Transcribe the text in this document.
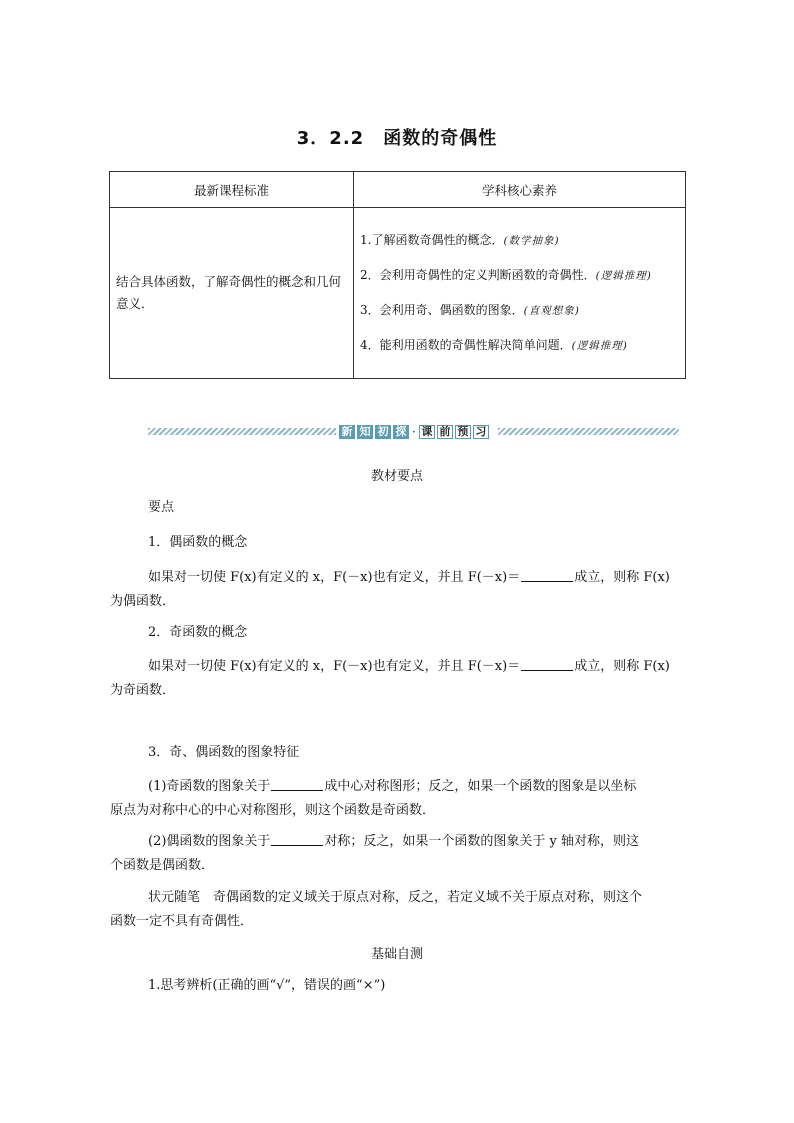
3．2.2　函数的奇偶性
最新课程标准	学科核心素养
结合具体函数，了解奇偶性的概念和几何意义．	1.了解函数奇偶性的概念．(数学抽象)
2．会利用奇偶性的定义判断函数的奇偶性．(逻辑推理)
3．会利用奇、偶函数的图象．(直观想象)
4．能利用函数的奇偶性解决简单问题．(逻辑推理)
新 知 初 探 · 课 前 预 习
教材要点
要点
1．偶函数的概念
如果对一切使 F(x)有定义的 x，F(－x)也有定义，并且 F(－x)＝	成立，则称 F(x)
为偶函数．
2．奇函数的概念
如果对一切使 F(x)有定义的 x，F(－x)也有定义，并且 F(－x)＝	成立，则称 F(x)
为奇函数．
3．奇、偶函数的图象特征
(1)奇函数的图象关于	成中心对称图形；反之，如果一个函数的图象是以坐标
原点为对称中心的中心对称图形，则这个函数是奇函数．
(2)偶函数的图象关于	对称；反之，如果一个函数的图象关于 y 轴对称，则这
个函数是偶函数．
状元随笔　奇偶函数的定义域关于原点对称，反之，若定义域不关于原点对称，则这个
函数一定不具有奇偶性．
基础自测
1.思考辨析(正确的画“√”，错误的画“×”)
